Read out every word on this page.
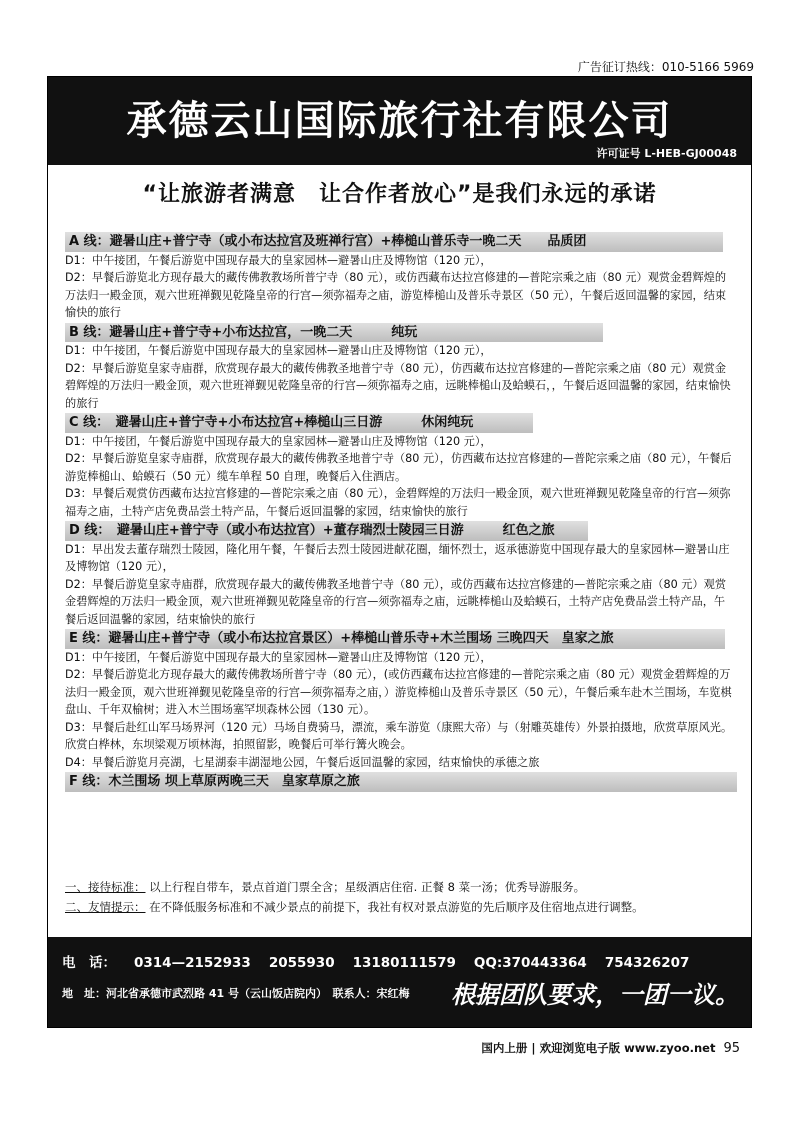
广告征订热线：010-5166 5969
承德云山国际旅行社有限公司
许可证号 L-HEB-GJ00048
“让旅游者满意　让合作者放心”是我们永远的承诺
A 线：避暑山庄+普宁寺（或小布达拉宫及班禅行宫）+棒槌山普乐寺一晚二天　　品质团

D1：中午接团，午餐后游览中国现存最大的皇家园林—避暑山庄及博物馆（120 元），

D2：早餐后游览北方现存最大的藏传佛教教场所普宁寺（80 元），或仿西藏布达拉宫修建的—普陀宗乘之庙（80 元）观赏金碧辉煌的万法归一殿金顶，观六世班禅觐见乾隆皇帝的行宫—须弥福寿之庙，游览棒槌山及普乐寺景区（50 元），午餐后返回温馨的家园，结束愉快的旅行

B 线：避暑山庄+普宁寺+小布达拉宫，一晚二天　　　纯玩

D1：中午接团，午餐后游览中国现存最大的皇家园林—避暑山庄及博物馆（120 元），

D2：早餐后游览皇家寺庙群，欣赏现存最大的藏传佛教圣地普宁寺（80 元），仿西藏布达拉宫修建的—普陀宗乘之庙（80 元）观赏金碧辉煌的万法归一殿金顶，观六世班禅觐见乾隆皇帝的行宫—须弥福寿之庙，远眺棒槌山及蛤蟆石，，午餐后返回温馨的家园，结束愉快的旅行

C 线：　避暑山庄+普宁寺+小布达拉宫+棒槌山三日游　　　休闲纯玩

D1：中午接团，午餐后游览中国现存最大的皇家园林—避暑山庄及博物馆（120 元），

D2：早餐后游览皇家寺庙群，欣赏现存最大的藏传佛教圣地普宁寺（80 元），仿西藏布达拉宫修建的—普陀宗乘之庙（80 元），午餐后游览棒槌山、蛤蟆石（50 元）缆车单程 50 自理，晚餐后入住酒店。

D3：早餐后观赏仿西藏布达拉宫修建的—普陀宗乘之庙（80 元），金碧辉煌的万法归一殿金顶，观六世班禅觐见乾隆皇帝的行宫—须弥福寿之庙，土特产店免费品尝土特产品，午餐后返回温馨的家园，结束愉快的旅行

D 线：　避暑山庄+普宁寺（或小布达拉宫）+董存瑞烈士陵园三日游　　　红色之旅

D1：早出发去董存瑞烈士陵园，隆化用午餐，午餐后去烈士陵园进献花圈，缅怀烈士，返承德游览中国现存最大的皇家园林—避暑山庄及博物馆（120 元），

D2：早餐后游览皇家寺庙群，欣赏现存最大的藏传佛教圣地普宁寺（80 元），或仿西藏布达拉宫修建的—普陀宗乘之庙（80 元）观赏金碧辉煌的万法归一殿金顶，观六世班禅觐见乾隆皇帝的行宫—须弥福寿之庙，远眺棒槌山及蛤蟆石，土特产店免费品尝土特产品，午餐后返回温馨的家园，结束愉快的旅行

E 线：避暑山庄+普宁寺（或小布达拉宫景区）+棒槌山普乐寺+木兰围场 三晚四天　皇家之旅

D1：中午接团，午餐后游览中国现存最大的皇家园林—避暑山庄及博物馆（120 元），

D2：早餐后游览北方现存最大的藏传佛教场所普宁寺（80 元），(或仿西藏布达拉宫修建的—普陀宗乘之庙（80 元）观赏金碧辉煌的万法归一殿金顶，观六世班禅觐见乾隆皇帝的行宫—须弥福寿之庙，）游览棒槌山及普乐寺景区（50 元），午餐后乘车赴木兰围场，车览棋盘山、千年双榆树；进入木兰围场塞罕坝森林公园（130 元）。

D3：早餐后赴红山军马场界河（120 元）马场自费骑马，漂流，乘车游览（康熙大帝）与（射雕英雄传）外景拍摄地，欣赏草原风光。欣赏白桦林，东坝梁观万顷林海，拍照留影，晚餐后可举行篝火晚会。

D4：早餐后游览月亮湖，七星湖泰丰湖湿地公园，午餐后返回温馨的家园，结束愉快的承德之旅

F 线：木兰围场 坝上草原两晚三天　皇家草原之旅
一、接待标准： 以上行程自带车，景点首道门票全含；星级酒店住宿. 正餐 8 菜一汤；优秀导游服务。
二、友情提示： 在不降低服务标准和不减少景点的前提下，我社有权对景点游览的先后顺序及住宿地点进行调整。
电　话： 0314—2152933 2055930 13180111579 QQ:370443364 754326207
地　址：河北省承德市武烈路 41 号（云山饭店院内）　联系人：宋红梅 根据团队要求，一团一议。
国内上册 | 欢迎浏览电子版 www.zyoo.net 95
